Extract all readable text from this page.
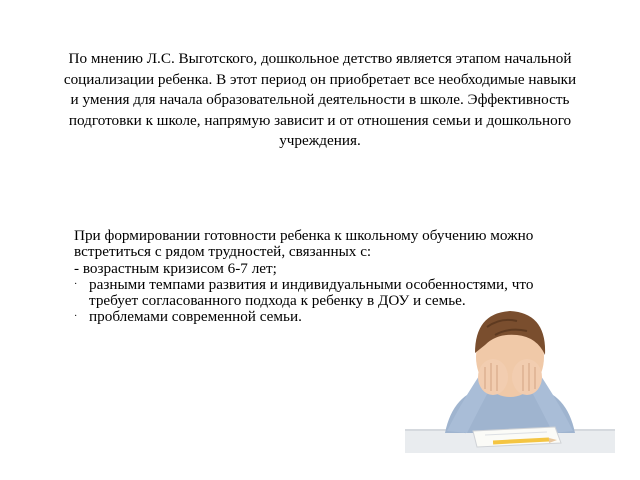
По мнению Л.С. Выготского, дошкольное детство является этапом начальной социализации ребенка. В этот период он приобретает все необходимые навыки и умения для начала образовательной деятельности в школе. Эффективность подготовки к школе, напрямую зависит и от отношения семьи и дошкольного учреждения.

При формировании готовности ребенка к школьному обучению можно встретиться с рядом трудностей, связанных с:

- возрастным кризисом 6-7 лет;

· разными темпами развития и индивидуальными особенностями, что требует согласованного подхода к ребенку в ДОУ и семье.
· проблемами современной семьи.
